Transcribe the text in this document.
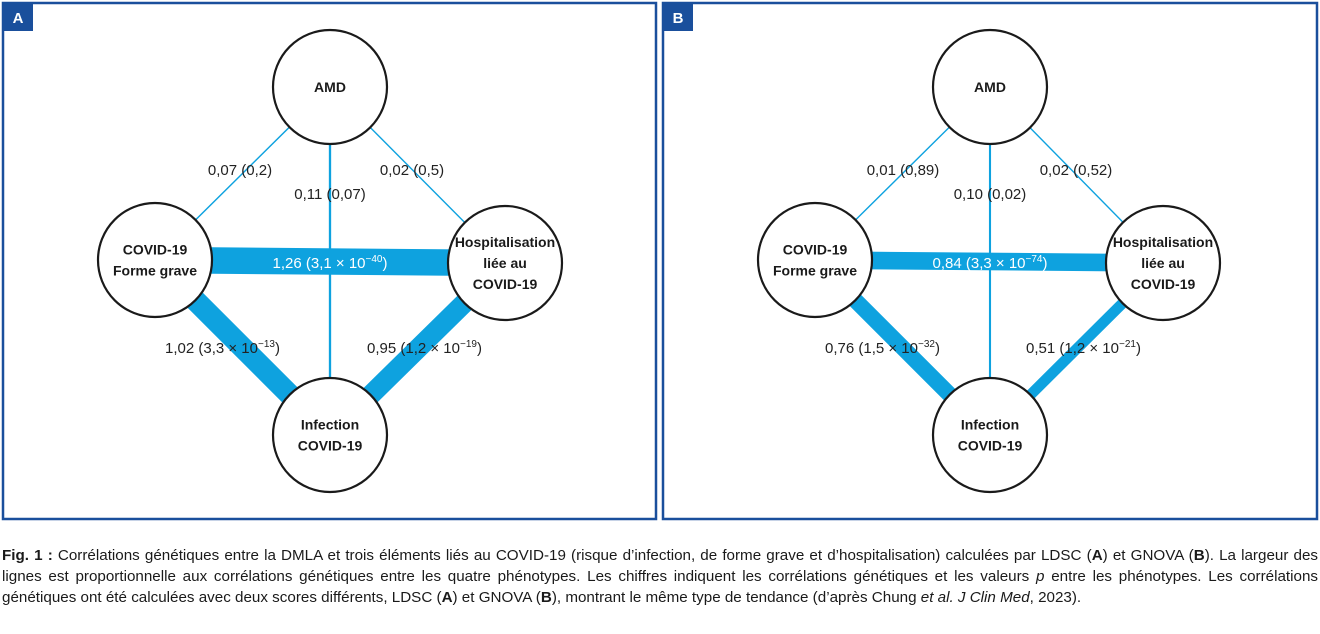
A
AMD
COVID-19
Forme grave
Hospitalisation
liée au
COVID-19
Infection
COVID-19
0,07 (0,2)
0,11 (0,07)
0,02 (0,5)
1,26 $(3,1 \times 10^{-40})$
1,02 $(3,3 \times 10^{-13})$	0,95 $(1,2 \times 10^{-19})$
B
AMD
COVID-19
Forme grave
Hospitalisation
liée au
COVID-19
Infection
COVID-19
0,01 (0,89)
0,10 (0,02)
0,02 (0,52)
0,84 $(3,3 \times 10^{-74})$
0,76 $(1,5 \times 10^{-32})$	0,51 $(1,2 \times 10^{-21})$

Fig. 1 : Corrélations génétiques entre la DMLA et trois éléments liés au COVID-19 (risque d’infection, de forme grave et d’hospitalisation) calculées par LDSC (A) et GNOVA (B). La largeur des lignes est proportionnelle aux corrélations génétiques entre les quatre phénotypes. Les chiffres indiquent les corrélations génétiques et les valeurs p entre les phénotypes. Les corrélations génétiques ont été calculées avec deux scores différents, LDSC (A) et GNOVA (B), montrant le même type de tendance (d’après Chung et al. J Clin Med, 2023).
